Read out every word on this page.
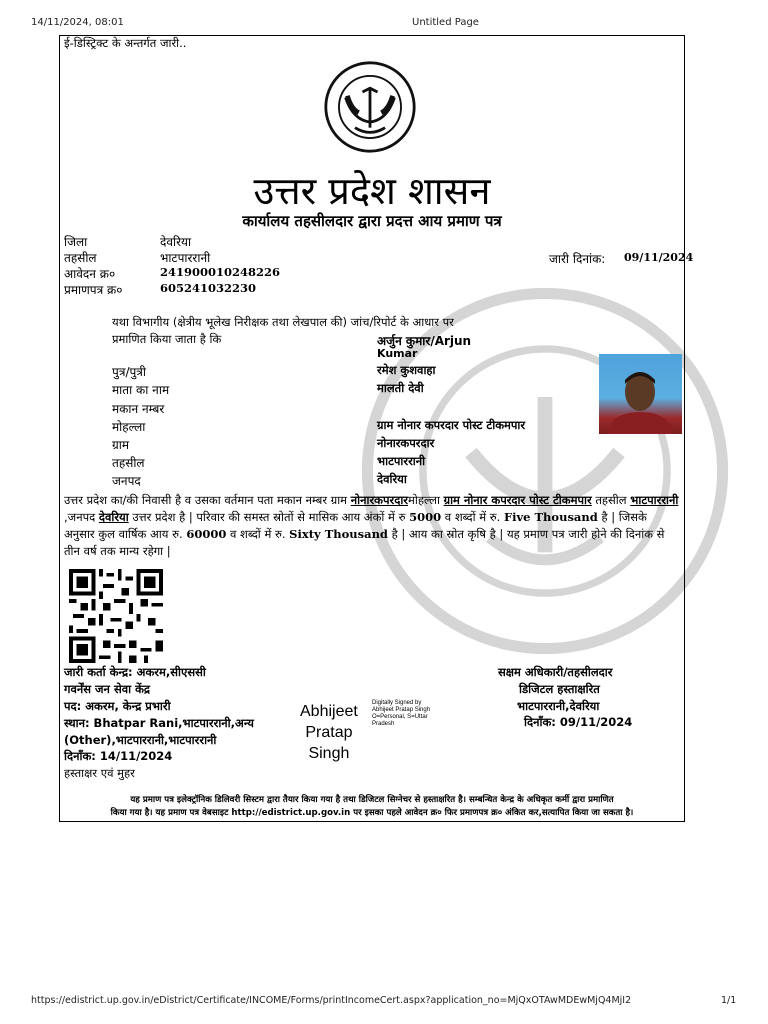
14/11/2024, 08:01	Untitled Page
ई-डिस्ट्रिक्ट के अन्तर्गत जारी..
उत्तर प्रदेश शासन
कार्यालय तहसीलदार द्वारा प्रदत्त आय प्रमाण पत्र
जिला	देवरिया
तहसील	भाटपाररानी
आवेदन क्र०	241900010248226
प्रमाणपत्र क्र०	605241032230
जारी दिनांक: 09/11/2024
यथा विभागीय (क्षेत्रीय भूलेख निरीक्षक तथा लेखपाल की) जांच/रिपोर्ट के आधार पर
प्रमाणित किया जाता है कि	अर्जुन कुमार/Arjun
Kumar
पुत्र/पुत्री	रमेश कुशवाहा
माता का नाम	मालती देवी
मकान नम्बर
मोहल्ला	ग्राम नोनार कपरदार पोस्ट टीकमपार
ग्राम	नोनारकपरदार
तहसील	भाटपाररानी
जनपद	देवरिया
उत्तर प्रदेश का/की निवासी है व उसका वर्तमान पता मकान नम्बर ग्राम नोनारकपरदारमोहल्ला ग्राम नोनार कपरदार पोस्ट टीकमपार तहसील भाटपाररानी ,जनपद देवरिया उत्तर प्रदेश है | परिवार की समस्त स्रोतों से मासिक आय अंकों में रु 5000 व शब्दों में रु. Five Thousand है | जिसके अनुसार कुल वार्षिक आय रु. 60000 व शब्दों में रु. Sixty Thousand है | आय का स्रोत कृषि है | यह प्रमाण पत्र जारी होने की दिनांक से तीन वर्ष तक मान्य रहेगा |
जारी कर्ता केन्द्र: अकरम,सीएससी
गवर्नेंस जन सेवा केंद्र
पद: अकरम, केन्द्र प्रभारी
स्थान: Bhatpar Rani,भाटपाररानी,अन्य
(Other),भाटपाररानी,भाटपाररानी
दिनाँक: 14/11/2024
हस्ताक्षर एवं मुहर
Abhijeet
Pratap
Singh
Digitally Signed by
Abhijeet Pratap Singh
O=Personal, S=Uttar
Pradesh
सक्षम अधिकारी/तहसीलदार
डिजिटल हस्ताक्षरित
भाटपाररानी,देवरिया
दिनाँक: 09/11/2024
यह प्रमाण पत्र इलेक्ट्रॉनिक डिलिवरी सिस्टम द्वारा तैयार किया गया है तथा डिजिटल सिग्नेचर से हस्ताक्षरित है। सम्बन्धित केन्द्र के अधिकृत कर्मी द्वारा प्रमाणित
किया गया है। यह प्रमाण पत्र वेबसाइट http://edistrict.up.gov.in पर इसका पहले आवेदन क्र० फिर प्रमाणपत्र क्र० अंकित कर,सत्यापित किया जा सकता है।
https://edistrict.up.gov.in/eDistrict/Certificate/INCOME/Forms/printIncomeCert.aspx?application_no=MjQxOTAwMDEwMjQ4MjI2	1/1
